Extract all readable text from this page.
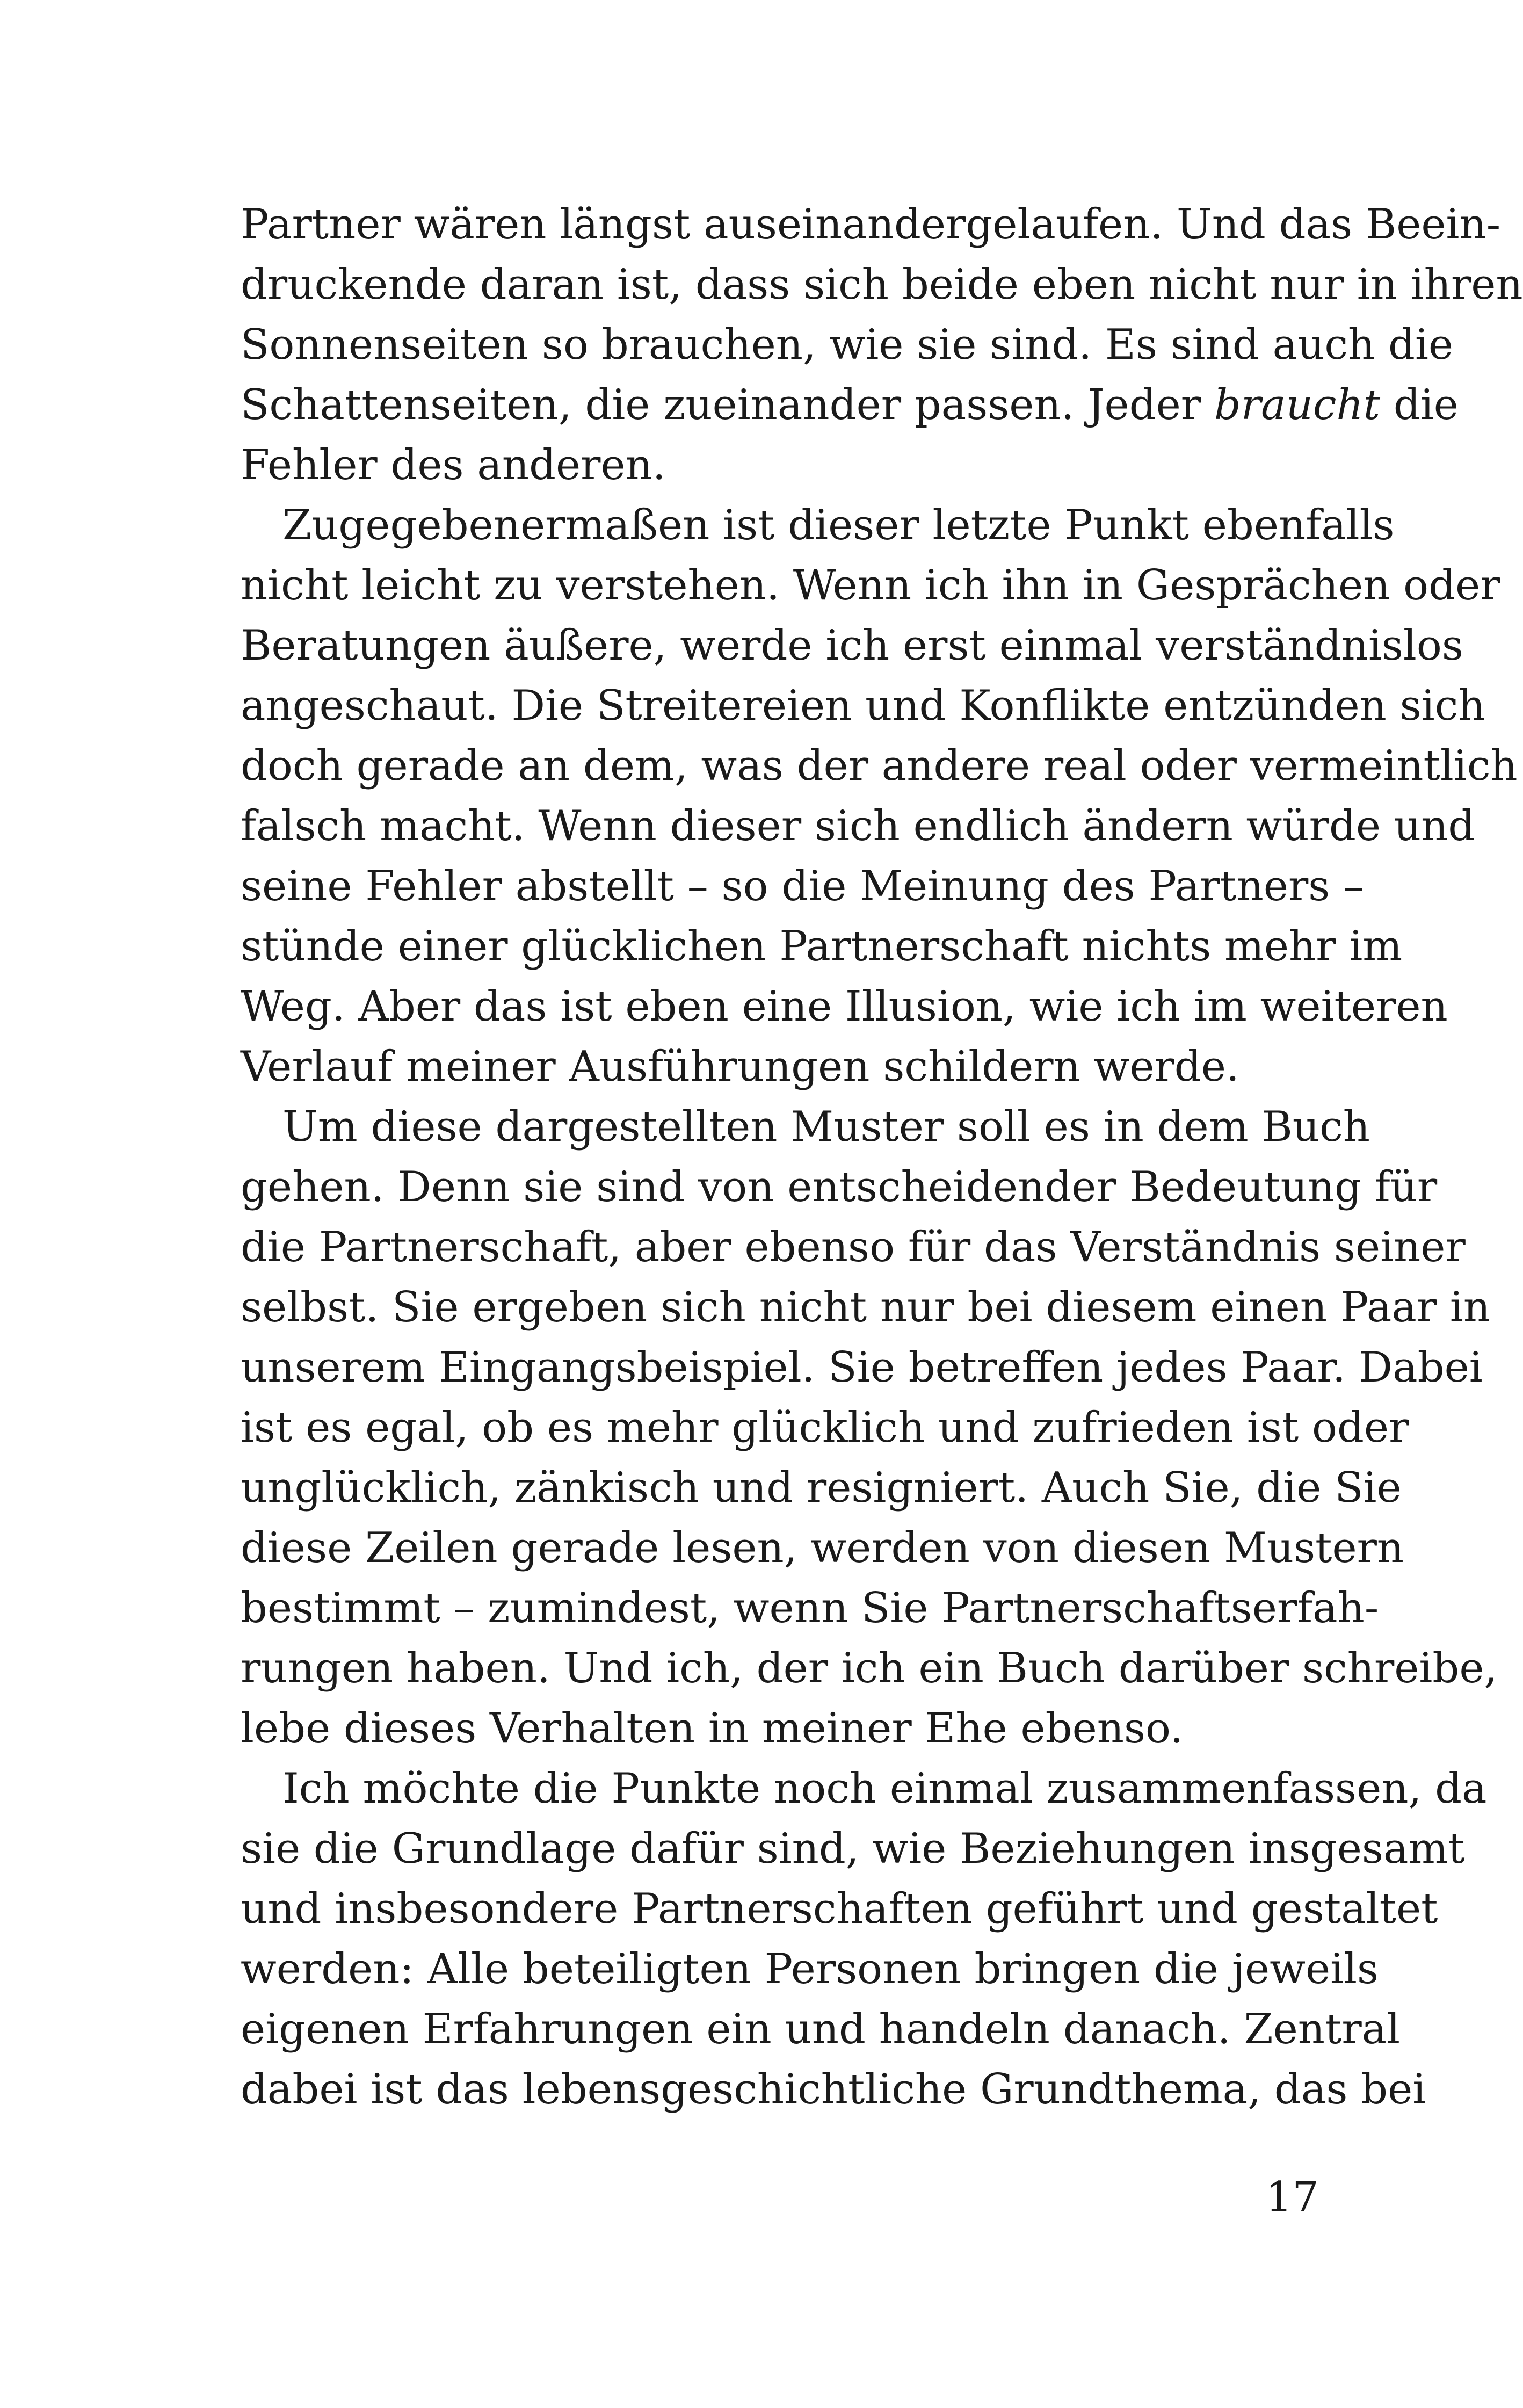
Partner wären längst auseinandergelaufen. Und das Beein-
druckende daran ist, dass sich beide eben nicht nur in ihren
Sonnenseiten so brauchen, wie sie sind. Es sind auch die
Schattenseiten, die zueinander passen. Jeder braucht die
Fehler des anderen.
Zugegebenermaßen ist dieser letzte Punkt ebenfalls
nicht leicht zu verstehen. Wenn ich ihn in Gesprächen oder
Beratungen äußere, werde ich erst einmal verständnislos
angeschaut. Die Streitereien und Konflikte entzünden sich
doch gerade an dem, was der andere real oder vermeintlich
falsch macht. Wenn dieser sich endlich ändern würde und
seine Fehler abstellt – so die Meinung des Partners –
stünde einer glücklichen Partnerschaft nichts mehr im
Weg. Aber das ist eben eine Illusion, wie ich im weiteren
Verlauf meiner Ausführungen schildern werde.
Um diese dargestellten Muster soll es in dem Buch
gehen. Denn sie sind von entscheidender Bedeutung für
die Partnerschaft, aber ebenso für das Verständnis seiner
selbst. Sie ergeben sich nicht nur bei diesem einen Paar in
unserem Eingangsbeispiel. Sie betreffen jedes Paar. Dabei
ist es egal, ob es mehr glücklich und zufrieden ist oder
unglücklich, zänkisch und resigniert. Auch Sie, die Sie
diese Zeilen gerade lesen, werden von diesen Mustern
bestimmt – zumindest, wenn Sie Partnerschaftserfah-
rungen haben. Und ich, der ich ein Buch darüber schreibe,
lebe dieses Verhalten in meiner Ehe ebenso.
Ich möchte die Punkte noch einmal zusammenfassen, da
sie die Grundlage dafür sind, wie Beziehungen insgesamt
und insbesondere Partnerschaften geführt und gestaltet
werden: Alle beteiligten Personen bringen die jeweils
eigenen Erfahrungen ein und handeln danach. Zentral
dabei ist das lebensgeschichtliche Grundthema, das bei
17
